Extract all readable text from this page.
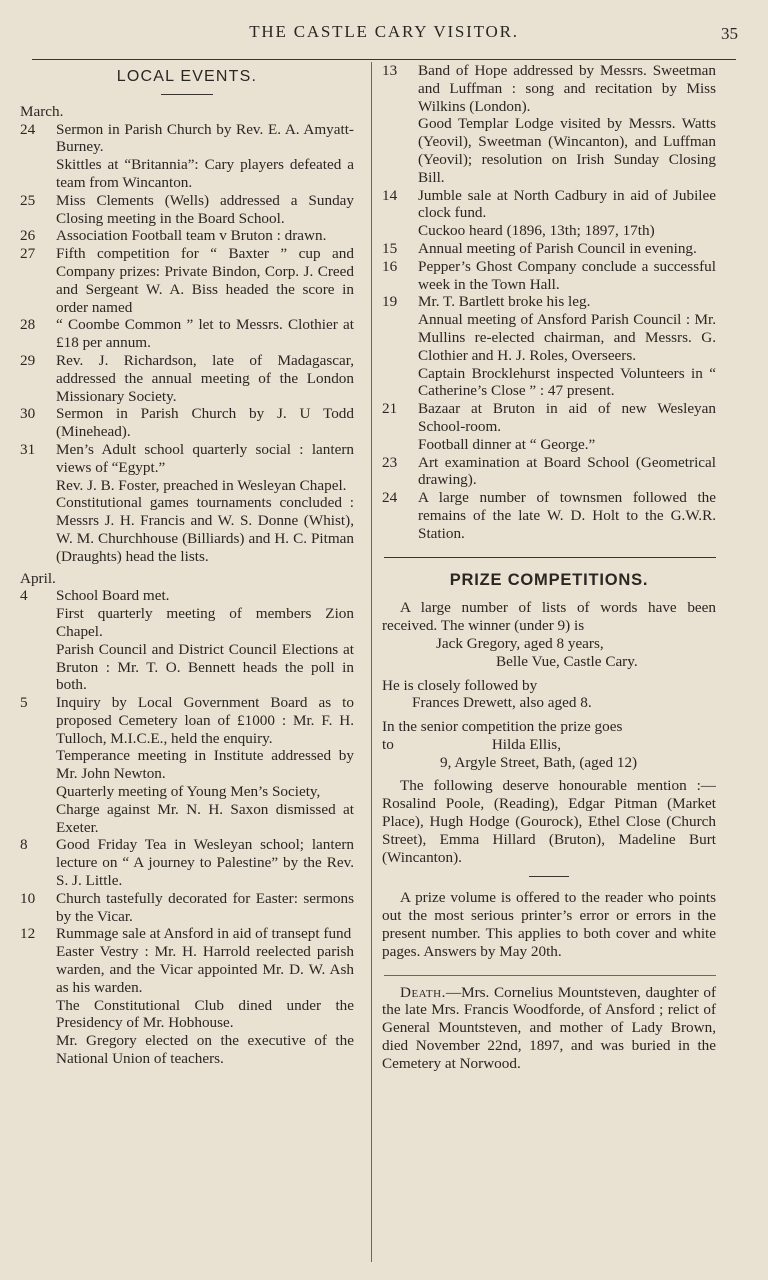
THE CASTLE CARY VISITOR.	35
LOCAL EVENTS.
March.
24	Sermon in Parish Church by Rev. E. A. Amyatt-Burney.

Skittles at “Britannia”: Cary players defeated a team from Wincanton.

25	Miss Clements (Wells) addressed a Sunday Closing meeting in the Board School.

26	Association Football team v Bruton : drawn.

27	Fifth competition for “ Baxter ” cup and Company prizes: Private Bindon, Corp. J. Creed and Sergeant W. A. Biss headed the score in order named

28	“ Coombe Common ” let to Messrs. Clothier at £18 per annum.

29	Rev. J. Richardson, late of Madagascar, addressed the annual meeting of the London Missionary Society.

30	Sermon in Parish Church by J. U Todd (Minehead).

31	Men’s Adult school quarterly social : lantern views of “Egypt.”

Rev. J. B. Foster, preached in Wesleyan Chapel.

Constitutional games tournaments concluded : Messrs J. H. Francis and W. S. Donne (Whist), W. M. Churchhouse (Billiards) and H. C. Pitman (Draughts) head the lists.

April.
4	School Board met.

First quarterly meeting of members Zion Chapel.

Parish Council and District Council Elections at Bruton : Mr. T. O. Bennett heads the poll in both.

5	Inquiry by Local Government Board as to proposed Cemetery loan of £1000 : Mr. F. H. Tulloch, M.I.C.E., held the enquiry.

Temperance meeting in Institute addressed by Mr. John Newton.

Quarterly meeting of Young Men’s Society,

Charge against Mr. N. H. Saxon dismissed at Exeter.

8	Good Friday Tea in Wesleyan school; lantern lecture on “ A journey to Palestine” by the Rev. S. J. Little.

10	Church tastefully decorated for Easter: sermons by the Vicar.

12	Rummage sale at Ansford in aid of transept fund

Easter Vestry : Mr. H. Harrold reelected parish warden, and the Vicar appointed Mr. D. W. Ash as his warden.

The Constitutional Club dined under the Presidency of Mr. Hobhouse.

Mr. Gregory elected on the executive of the National Union of teachers.

13	Band of Hope addressed by Messrs. Sweetman and Luffman : song and recitation by Miss Wilkins (London).

Good Templar Lodge visited by Messrs. Watts (Yeovil), Sweetman (Wincanton), and Luffman (Yeovil); resolution on Irish Sunday Closing Bill.

14	Jumble sale at North Cadbury in aid of Jubilee clock fund.

Cuckoo heard (1896, 13th; 1897, 17th)

15	Annual meeting of Parish Council in evening.

16	Pepper’s Ghost Company conclude a successful week in the Town Hall.

19	Mr. T. Bartlett broke his leg.

Annual meeting of Ansford Parish Council : Mr. Mullins re-elected chairman, and Messrs. G. Clothier and H. J. Roles, Overseers.

Captain Brocklehurst inspected Volunteers in “ Catherine’s Close ” : 47 present.

21	Bazaar at Bruton in aid of new Wesleyan School-room.

Football dinner at “ George.”

23	Art examination at Board School (Geometrical drawing).

24	A large number of townsmen followed the remains of the late W. D. Holt to the G.W.R. Station.

PRIZE COMPETITIONS.

A large number of lists of words have been received. The winner (under 9) is

Jack Gregory, aged 8 years,

Belle Vue, Castle Cary.

He is closely followed by

Frances Drewett, also aged 8.

In the senior competition the prize goes

to	Hilda Ellis,

9, Argyle Street, Bath, (aged 12)

The following deserve honourable mention :—Rosalind Poole, (Reading), Edgar Pitman (Market Place), Hugh Hodge (Gourock), Ethel Close (Church Street), Emma Hillard (Bruton), Madeline Burt (Wincanton).

A prize volume is offered to the reader who points out the most serious printer’s error or errors in the present number. This applies to both cover and white pages. Answers by May 20th.

Death.—Mrs. Cornelius Mountsteven, daughter of the late Mrs. Francis Woodforde, of Ansford ; relict of General Mountsteven, and mother of Lady Brown, died November 22nd, 1897, and was buried in the Cemetery at Norwood.
